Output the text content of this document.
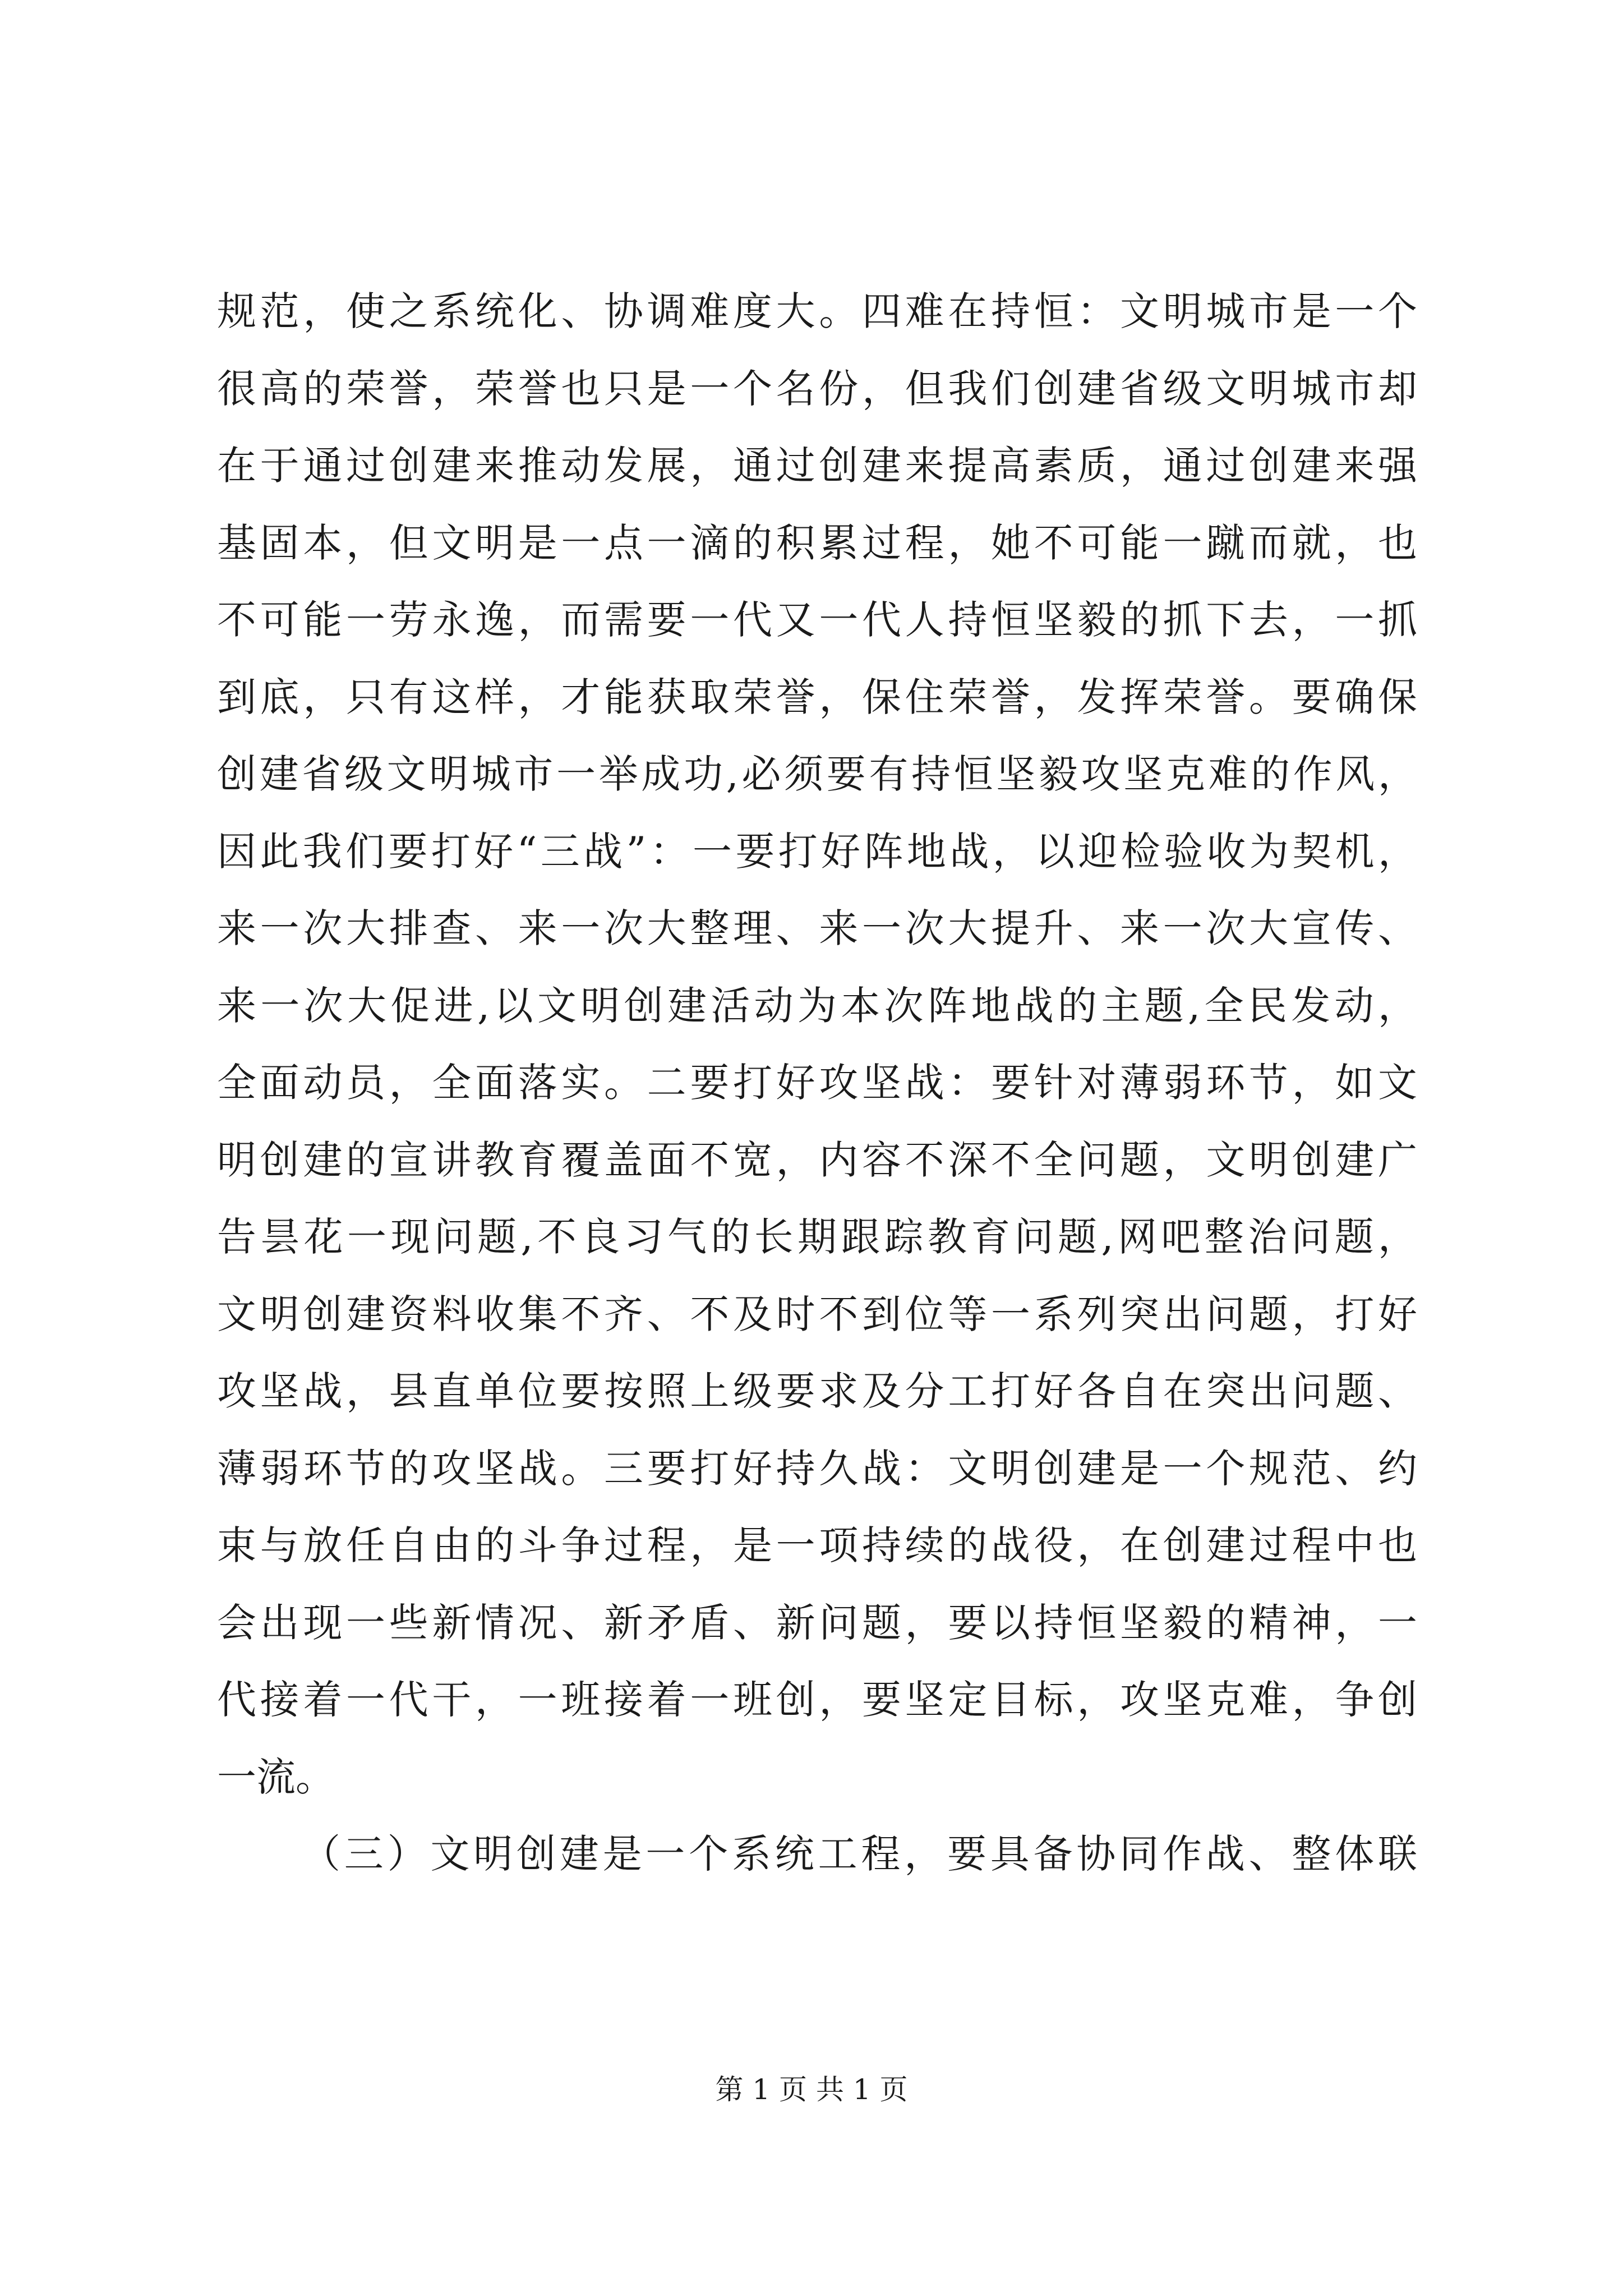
规范，使之系统化、协调难度大。四难在持恒：文明城市是一个
很高的荣誉，荣誉也只是一个名份，但我们创建省级文明城市却
在于通过创建来推动发展，通过创建来提高素质，通过创建来强
基固本，但文明是一点一滴的积累过程，她不可能一蹴而就，也
不可能一劳永逸，而需要一代又一代人持恒坚毅的抓下去，一抓
到底，只有这样，才能获取荣誉，保住荣誉，发挥荣誉。要确保
创建省级文明城市一举成功,必须要有持恒坚毅攻坚克难的作风，
因此我们要打好“三战”：一要打好阵地战，以迎检验收为契机，
来一次大排查、来一次大整理、来一次大提升、来一次大宣传、
来一次大促进,以文明创建活动为本次阵地战的主题,全民发动，
全面动员，全面落实。二要打好攻坚战：要针对薄弱环节，如文
明创建的宣讲教育覆盖面不宽，内容不深不全问题，文明创建广
告昙花一现问题,不良习气的长期跟踪教育问题,网吧整治问题，
文明创建资料收集不齐、不及时不到位等一系列突出问题，打好
攻坚战，县直单位要按照上级要求及分工打好各自在突出问题、
薄弱环节的攻坚战。三要打好持久战：文明创建是一个规范、约
束与放任自由的斗争过程，是一项持续的战役，在创建过程中也
会出现一些新情况、新矛盾、新问题，要以持恒坚毅的精神，一
代接着一代干，一班接着一班创，要坚定目标，攻坚克难，争创
一流。
（三）文明创建是一个系统工程，要具备协同作战、整体联
第 1 页 共 1 页
